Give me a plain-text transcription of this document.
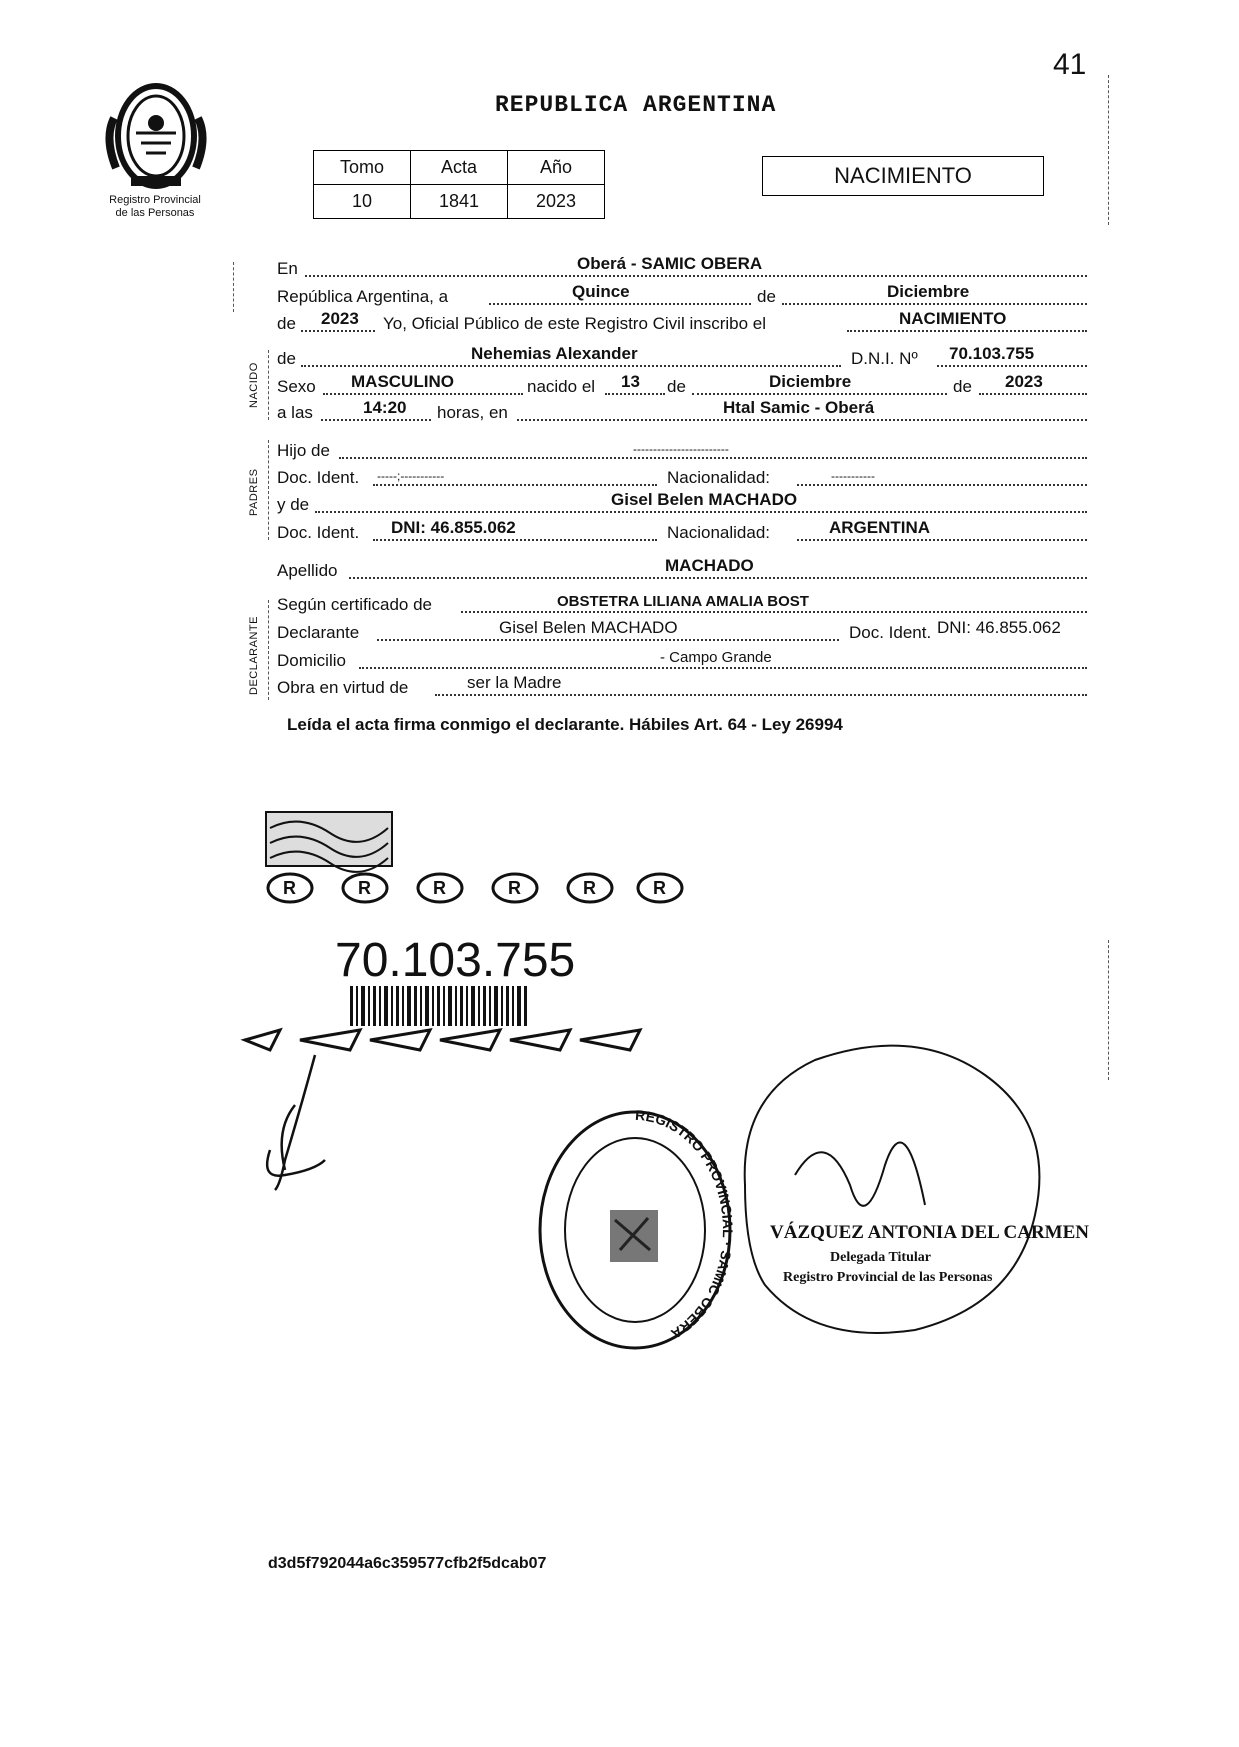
41
Registro Provincial
de las Personas
REPUBLICA ARGENTINA
Tomo	Acta	Año
10	1841	2023
NACIMIENTO
NACIDO
PADRES
DECLARANTE
En	Oberá - SAMIC OBERA
República Argentina, a	Quince	de	Diciembre
de 2023 Yo, Oficial Público de este Registro Civil inscribo el	NACIMIENTO
de	Nehemias Alexander	D.N.I. Nº 70.103.755
Sexo MASCULINO	nacido el 13 de	Diciembre	de 2023
a las	14:20 horas, en	Htal Samic - Oberá
Hijo de	------------------------
Doc. Ident. -----;-----------	Nacionalidad:	-----------
y de	Gisel Belen MACHADO
Doc. Ident. DNI: 46.855.062	Nacionalidad:	ARGENTINA
Apellido	MACHADO
Según certificado de	OBSTETRA LILIANA AMALIA BOST
Declarante	Gisel Belen MACHADO	Doc. Ident. DNI: 46.855.062
Domicilio	- Campo Grande
Obra en virtud de	ser la Madre
Leída el acta firma conmigo el declarante. Hábiles Art. 64 - Ley 26994
R	R	R	R	R	R
70.103.755
REGISTRO PROVINCIAL · SAMIC OBERA
VÁZQUEZ ANTONIA DEL CARMEN
Delegada Titular
Registro Provincial de las Personas
d3d5f792044a6c359577cfb2f5dcab07
